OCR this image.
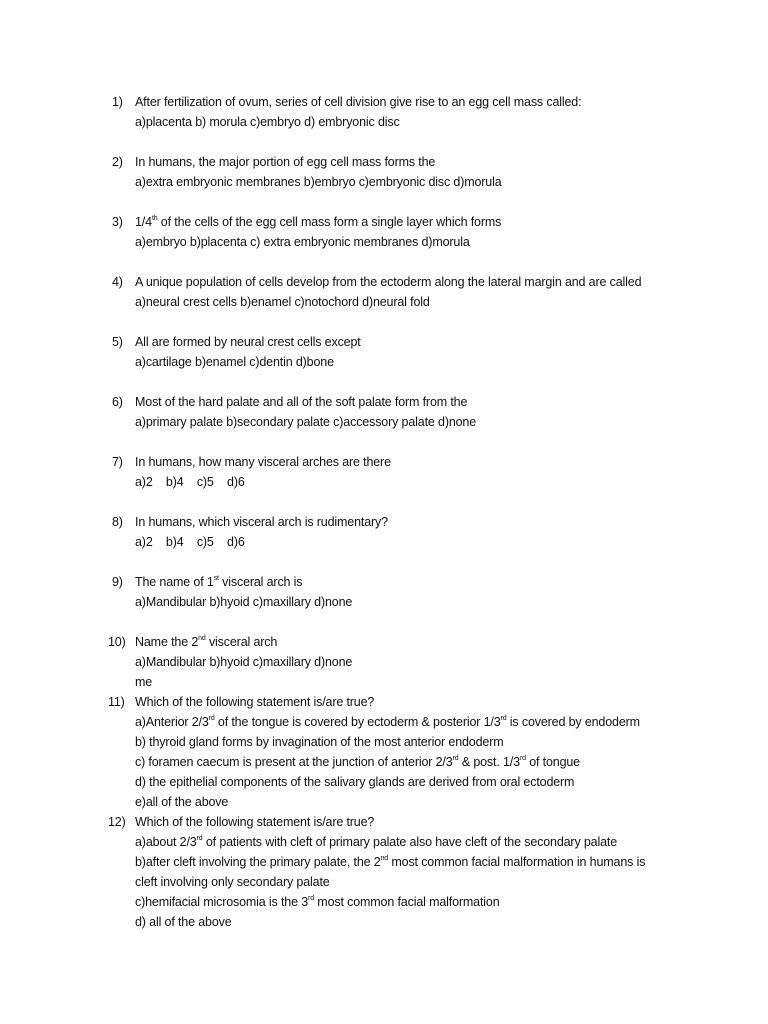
1) After fertilization of ovum, series of cell division give rise to an egg cell mass called:
a)placenta b) morula c)embryo d) embryonic disc
2) In humans, the major portion of egg cell mass forms the
a)extra embryonic membranes b)embryo c)embryonic disc d)morula
3) 1/4th of the cells of the egg cell mass form a single layer which forms
a)embryo b)placenta c) extra embryonic membranes d)morula
4) A unique population of cells develop from the ectoderm along the lateral margin and are called
a)neural crest cells b)enamel c)notochord d)neural fold
5) All are formed by neural crest cells except
a)cartilage b)enamel c)dentin d)bone
6) Most of the hard palate and all of the soft palate form from the
a)primary palate b)secondary palate c)accessory palate d)none
7) In humans, how many visceral arches are there
a)2    b)4    c)5    d)6
8) In humans, which visceral arch is rudimentary?
a)2    b)4    c)5    d)6
9) The name of 1st visceral arch is
a)Mandibular b)hyoid c)maxillary d)none
10) Name the 2nd visceral arch
a)Mandibular b)hyoid c)maxillary d)none
me
11) Which of the following statement is/are true?
a)Anterior 2/3rd of the tongue is covered by ectoderm & posterior 1/3rd is covered by endoderm
b) thyroid gland forms by invagination of the most anterior endoderm
c) foramen caecum is present at the junction of anterior 2/3rd & post. 1/3rd of tongue
d) the epithelial components of the salivary glands are derived from oral ectoderm
e)all of the above
12) Which of the following statement is/are true?
a)about 2/3rd of patients with cleft of primary palate also have cleft of the secondary palate
b)after cleft involving the primary palate, the 2nd most common facial malformation in humans is
cleft involving only secondary palate
c)hemifacial microsomia is the 3rd most common facial malformation
d) all of the above
